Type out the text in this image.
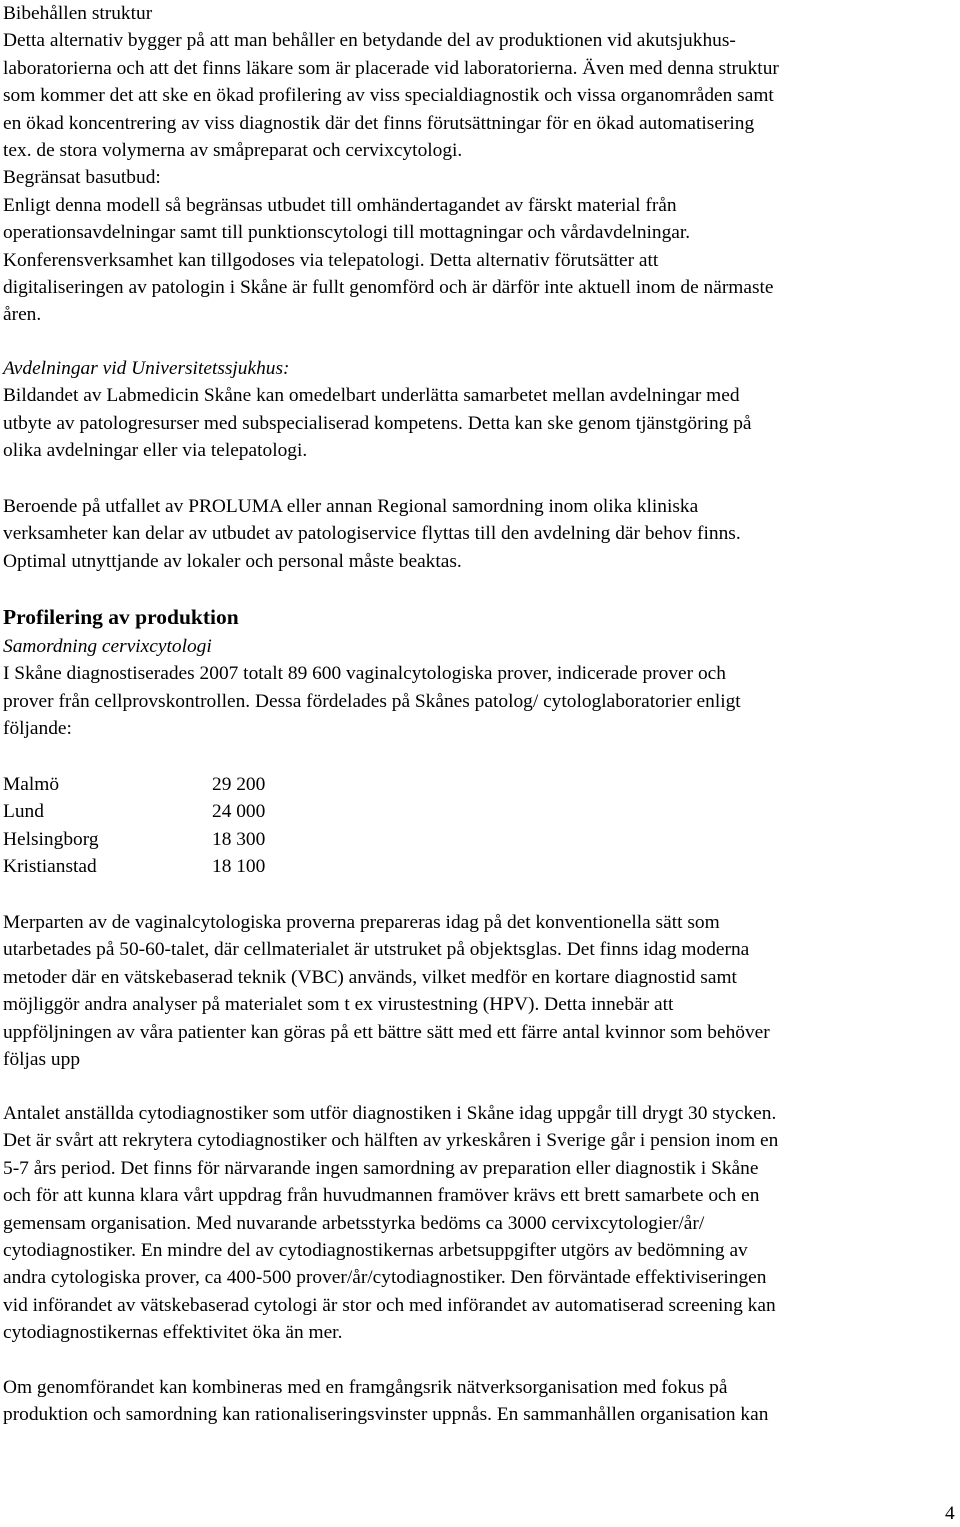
Bibehållen struktur
Detta alternativ bygger på att man behåller en betydande del av produktionen vid akutsjukhus-
laboratorierna och att det finns läkare som är placerade vid laboratorierna. Även med denna struktur
som kommer det att ske en ökad profilering av viss specialdiagnostik och vissa organområden samt
en ökad koncentrering av viss diagnostik där det finns förutsättningar för en ökad automatisering
tex. de stora volymerna av småpreparat och cervixcytologi.
Begränsat basutbud:
Enligt denna modell så begränsas utbudet till omhändertagandet av färskt material från
operationsavdelningar samt till punktionscytologi till mottagningar och vårdavdelningar.
Konferensverksamhet kan tillgodoses via telepatologi. Detta alternativ förutsätter att
digitaliseringen av patologin i Skåne är fullt genomförd och är därför inte aktuell inom de närmaste
åren.
Avdelningar vid Universitetssjukhus:
Bildandet av Labmedicin Skåne kan omedelbart underlätta samarbetet mellan avdelningar med
utbyte av patologresurser med subspecialiserad kompetens. Detta kan ske genom tjänstgöring på
olika avdelningar eller via telepatologi.
Beroende på utfallet av PROLUMA eller annan Regional samordning inom olika kliniska
verksamheter kan delar av utbudet av patologiservice flyttas till den avdelning där behov finns.
Optimal utnyttjande av lokaler och personal måste beaktas.
Profilering av produktion
Samordning cervixcytologi
I Skåne diagnostiserades 2007 totalt 89 600 vaginalcytologiska prover, indicerade prover och
prover från cellprovskontrollen. Dessa fördelades på Skånes patolog/ cytologlaboratorier enligt
följande:
Malmö	29 200
Lund	24 000
Helsingborg	18 300
Kristianstad	18 100
Merparten av de vaginalcytologiska proverna prepareras idag på det konventionella sätt som
utarbetades på 50-60-talet, där cellmaterialet är utstruket på objektsglas. Det finns idag moderna
metoder där en vätskebaserad teknik (VBC) används, vilket medför en kortare diagnostid samt
möjliggör andra analyser på materialet som t ex virustestning (HPV). Detta innebär att
uppföljningen av våra patienter kan göras på ett bättre sätt med ett färre antal kvinnor som behöver
följas upp
Antalet anställda cytodiagnostiker som utför diagnostiken i Skåne idag uppgår till drygt 30 stycken.
Det är svårt att rekrytera cytodiagnostiker och hälften av yrkeskåren i Sverige går i pension inom en
5-7 års period. Det finns för närvarande ingen samordning av preparation eller diagnostik i Skåne
och för att kunna klara vårt uppdrag från huvudmannen framöver krävs ett brett samarbete och en
gemensam organisation. Med nuvarande arbetsstyrka bedöms ca 3000 cervixcytologier/år/
cytodiagnostiker. En mindre del av cytodiagnostikernas arbetsuppgifter utgörs av bedömning av
andra cytologiska prover, ca 400-500 prover/år/cytodiagnostiker. Den förväntade effektiviseringen
vid införandet av vätskebaserad cytologi är stor och med införandet av automatiserad screening kan
cytodiagnostikernas effektivitet öka än mer.
Om genomförandet kan kombineras med en framgångsrik nätverksorganisation med fokus på
produktion och samordning kan rationaliseringsvinster uppnås. En sammanhållen organisation kan
4
